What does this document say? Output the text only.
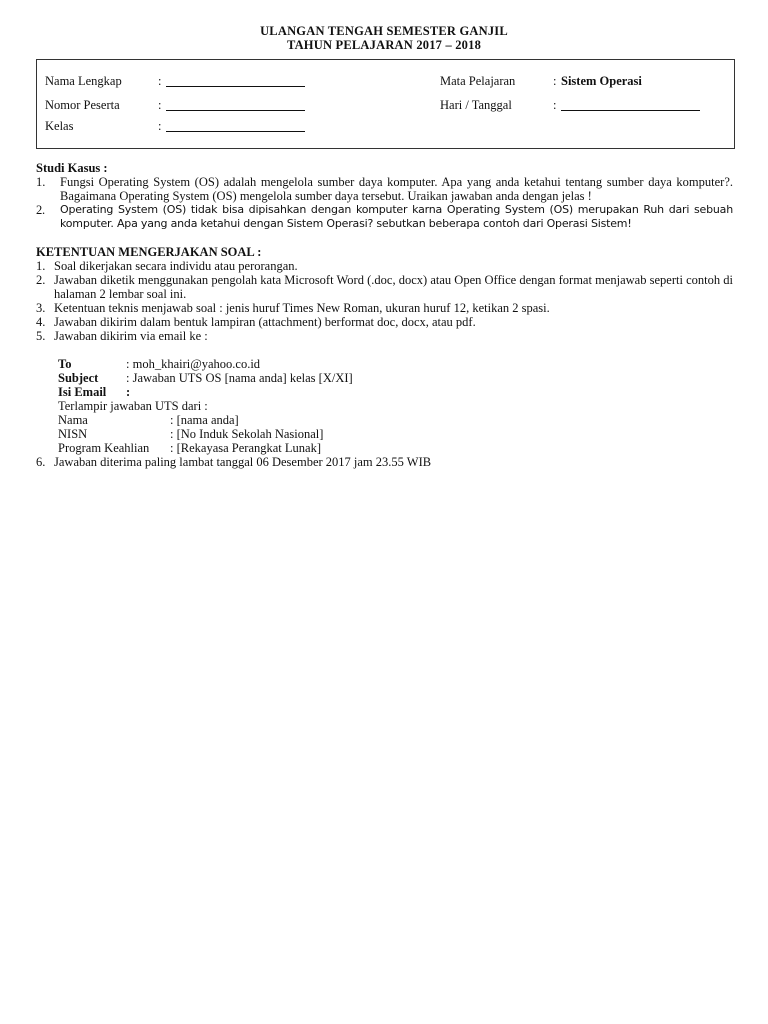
ULANGAN TENGAH SEMESTER GANJIL
TAHUN PELAJARAN 2017 – 2018
Nama Lengkap	:
Nomor Peserta	:
Kelas	:
Mata Pelajaran	: Sistem Operasi
Hari / Tanggal	:
Studi Kasus :
1. Fungsi Operating System (OS) adalah mengelola sumber daya komputer. Apa yang anda ketahui tentang sumber daya komputer?. Bagaimana Operating System (OS) mengelola sumber daya tersebut. Uraikan jawaban anda dengan jelas !
2. Operating System (OS) tidak bisa dipisahkan dengan komputer karna Operating System (OS) merupakan Ruh dari sebuah komputer. Apa yang anda ketahui dengan Sistem Operasi? sebutkan beberapa contoh dari Operasi Sistem!
KETENTUAN MENGERJAKAN SOAL :
1. Soal dikerjakan secara individu atau perorangan.
2. Jawaban diketik menggunakan pengolah kata Microsoft Word (.doc, docx) atau Open Office dengan format menjawab seperti contoh di halaman 2 lembar soal ini.
3. Ketentuan teknis menjawab soal : jenis huruf Times New Roman, ukuran huruf 12, ketikan 2 spasi.
4. Jawaban dikirim dalam bentuk lampiran (attachment) berformat doc, docx, atau pdf.
5. Jawaban dikirim via email ke :
To	: moh_khairi@yahoo.co.id
Subject	: Jawaban UTS OS [nama anda] kelas [X/XI]
Isi Email	:
Terlampir jawaban UTS dari :
Nama	: [nama anda]
NISN	: [No Induk Sekolah Nasional]
Program Keahlian	: [Rekayasa Perangkat Lunak]
6. Jawaban diterima paling lambat tanggal 06 Desember 2017 jam 23.55 WIB
